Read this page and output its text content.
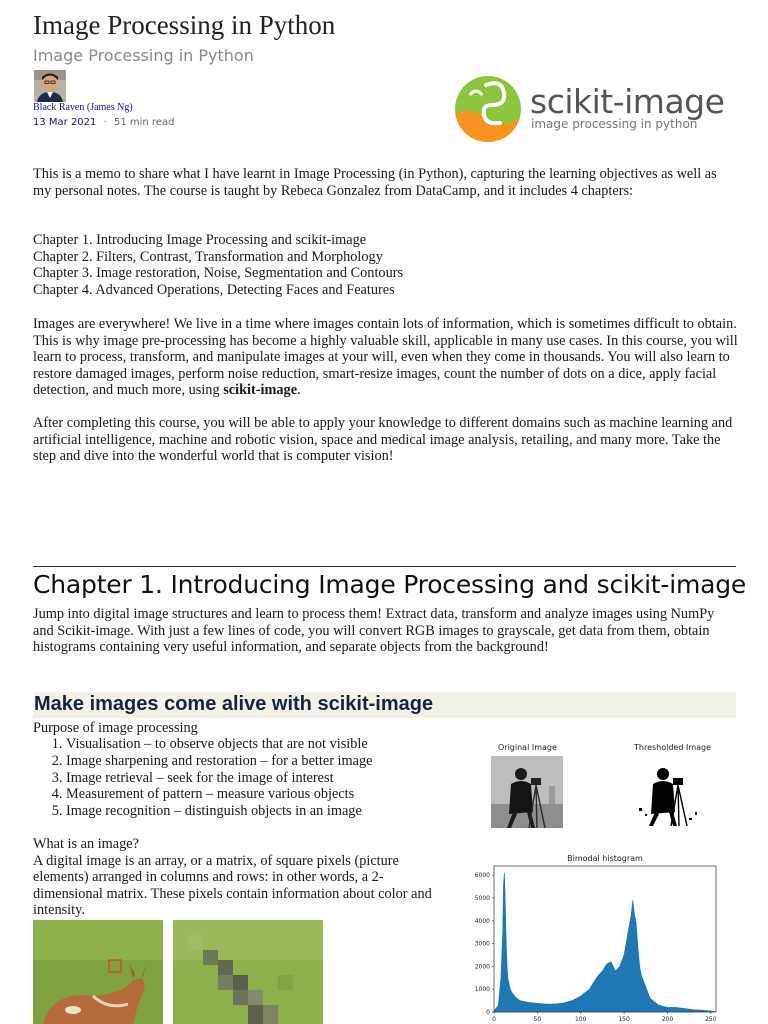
Image Processing in Python
Image Processing in Python
Black Raven (James Ng)
13 Mar 2021 · 51 min read
scikit-image
image processing in python
This is a memo to share what I have learnt in Image Processing (in Python), capturing the learning objectives as well as my personal notes. The course is taught by Rebeca Gonzalez from DataCamp, and it includes 4 chapters:
Chapter 1. Introducing Image Processing and scikit-image
Chapter 2. Filters, Contrast, Transformation and Morphology
Chapter 3. Image restoration, Noise, Segmentation and Contours
Chapter 4. Advanced Operations, Detecting Faces and Features
Images are everywhere! We live in a time where images contain lots of information, which is sometimes difficult to obtain. This is why image pre-processing has become a highly valuable skill, applicable in many use cases. In this course, you will learn to process, transform, and manipulate images at your will, even when they come in thousands. You will also learn to restore damaged images, perform noise reduction, smart-resize images, count the number of dots on a dice, apply facial detection, and much more, using scikit-image.
After completing this course, you will be able to apply your knowledge to different domains such as machine learning and artificial intelligence, machine and robotic vision, space and medical image analysis, retailing, and many more. Take the step and dive into the wonderful world that is computer vision!
Chapter 1. Introducing Image Processing and scikit-image
Jump into digital image structures and learn to process them! Extract data, transform and analyze images using NumPy and Scikit-image. With just a few lines of code, you will convert RGB images to grayscale, get data from them, obtain histograms containing very useful information, and separate objects from the background!
Make images come alive with scikit-image
Purpose of image processing
1. Visualisation – to observe objects that are not visible
2. Image sharpening and restoration – for a better image
3. Image retrieval – seek for the image of interest
4. Measurement of pattern – measure various objects
5. Image recognition – distinguish objects in an image
Original Image	Thresholded Image
What is an image?
A digital image is an array, or a matrix, of square pixels (picture elements) arranged in columns and rows: in other words, a 2-dimensional matrix. These pixels contain information about color and intensity.
Bimodal histogram
0
1000
2000
3000
4000
5000
6000
0	50	100	150	200	250
